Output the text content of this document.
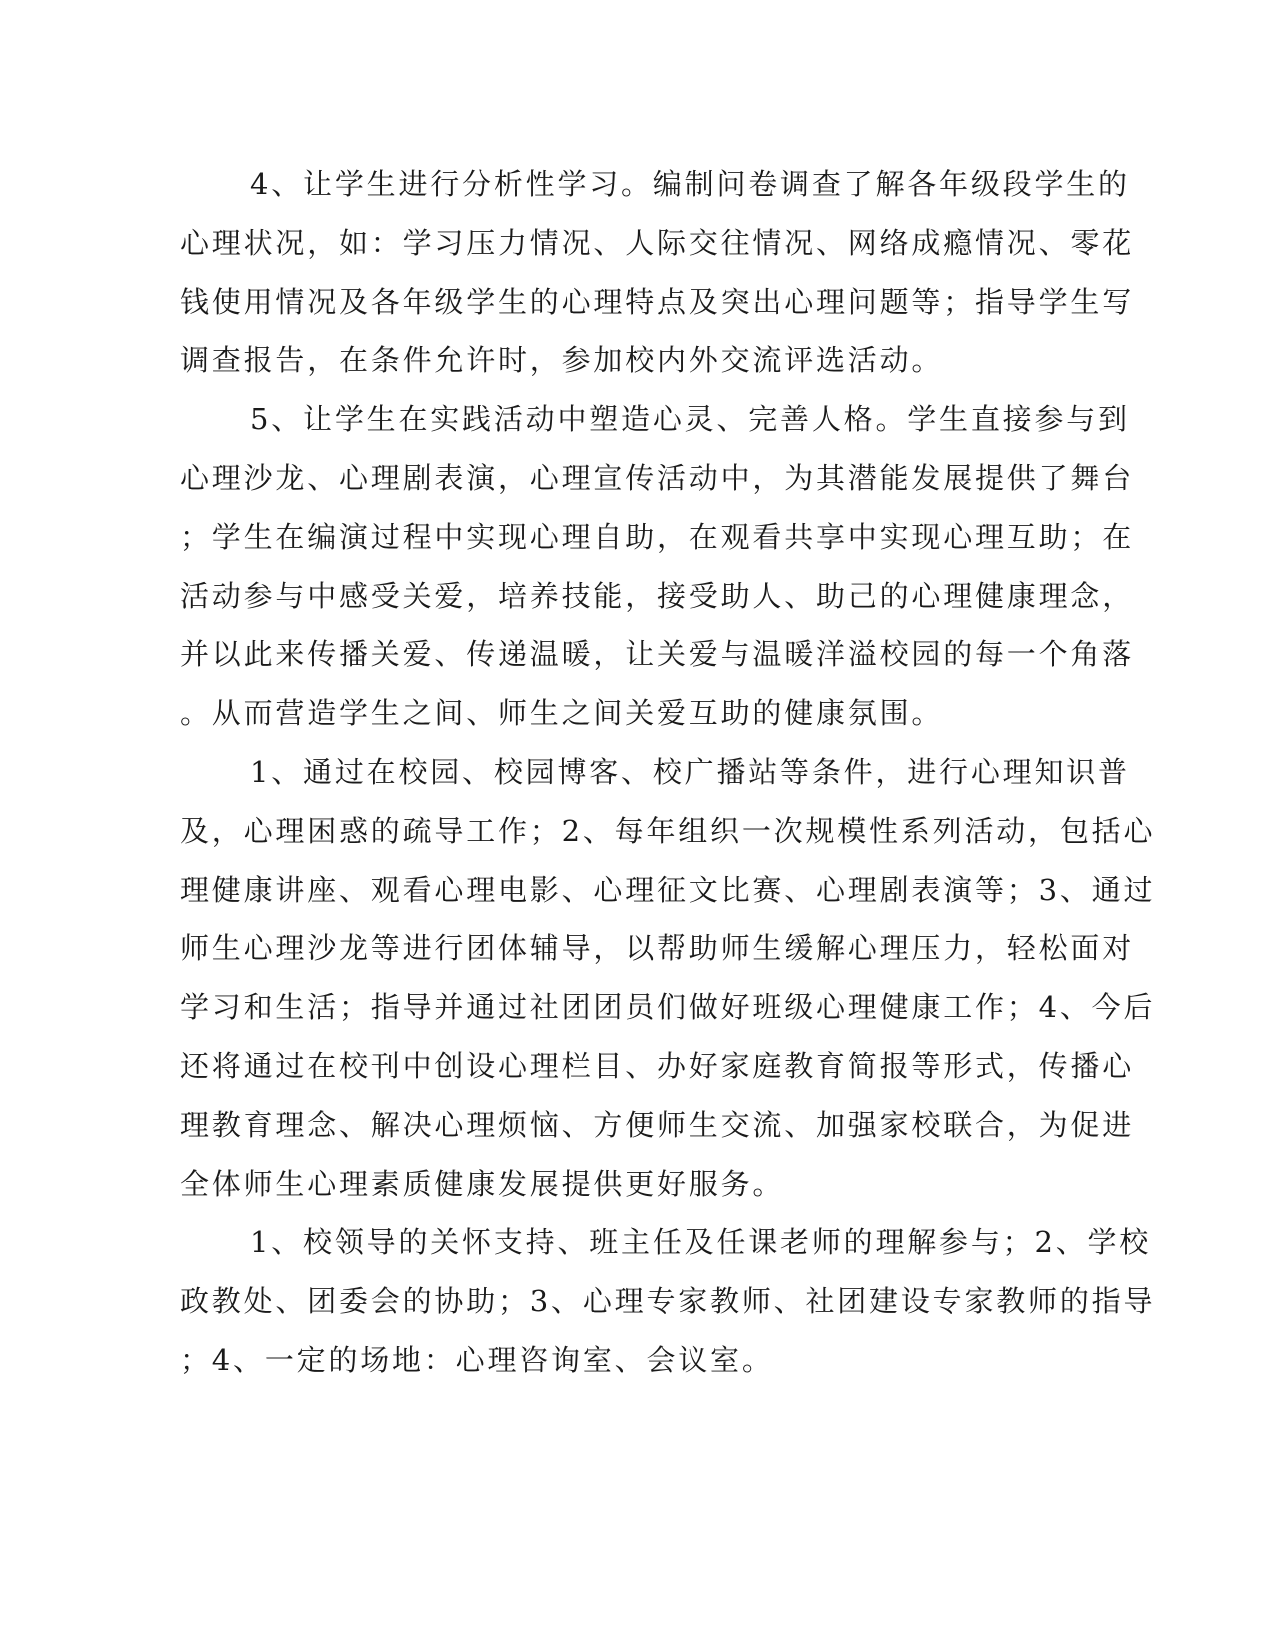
4、让学生进行分析性学习。编制问卷调查了解各年级段学生的
心理状况，如：学习压力情况、人际交往情况、网络成瘾情况、零花
钱使用情况及各年级学生的心理特点及突出心理问题等；指导学生写
调查报告，在条件允许时，参加校内外交流评选活动。
5、让学生在实践活动中塑造心灵、完善人格。学生直接参与到
心理沙龙、心理剧表演，心理宣传活动中，为其潜能发展提供了舞台
；学生在编演过程中实现心理自助，在观看共享中实现心理互助；在
活动参与中感受关爱，培养技能，接受助人、助己的心理健康理念，
并以此来传播关爱、传递温暖，让关爱与温暖洋溢校园的每一个角落
。从而营造学生之间、师生之间关爱互助的健康氛围。
1、通过在校园、校园博客、校广播站等条件，进行心理知识普
及，心理困惑的疏导工作；2、每年组织一次规模性系列活动，包括心
理健康讲座、观看心理电影、心理征文比赛、心理剧表演等；3、通过
师生心理沙龙等进行团体辅导，以帮助师生缓解心理压力，轻松面对
学习和生活；指导并通过社团团员们做好班级心理健康工作；4、今后
还将通过在校刊中创设心理栏目、办好家庭教育简报等形式，传播心
理教育理念、解决心理烦恼、方便师生交流、加强家校联合，为促进
全体师生心理素质健康发展提供更好服务。
1、校领导的关怀支持、班主任及任课老师的理解参与；2、学校
政教处、团委会的协助；3、心理专家教师、社团建设专家教师的指导
；4、一定的场地：心理咨询室、会议室。
